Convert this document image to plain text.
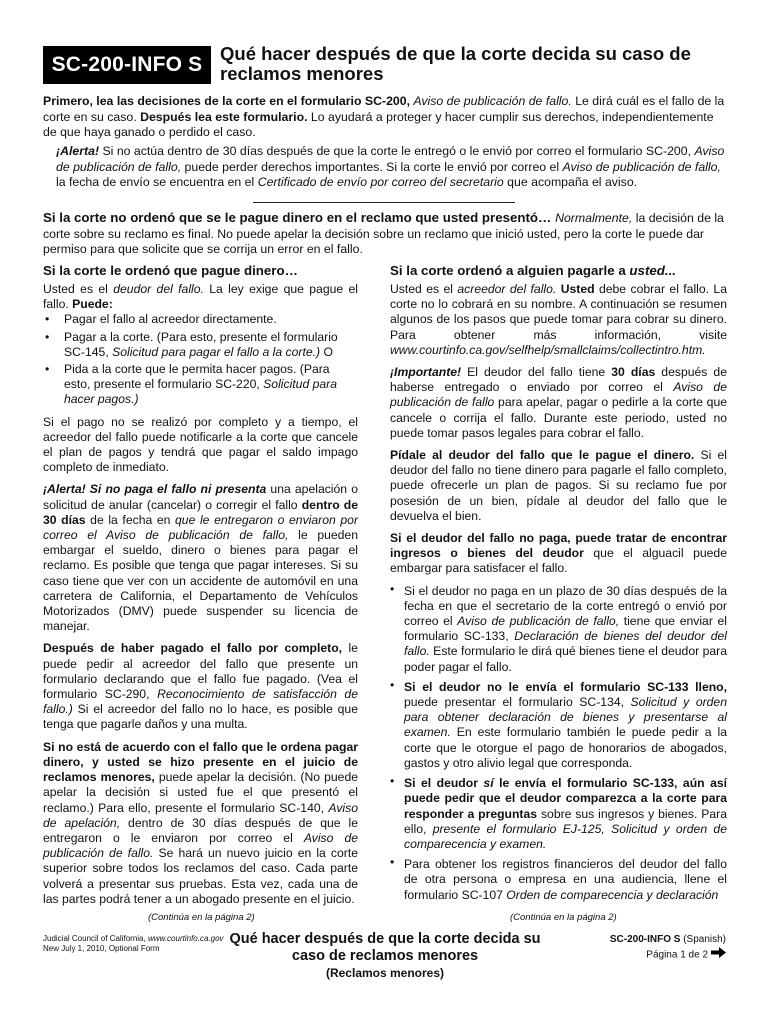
SC-200-INFO S Qué hacer después de que la corte decida su caso de reclamos menores

Primero, lea las decisiones de la corte en el formulario SC-200, Aviso de publicación de fallo. Le dirá cuál es el fallo de la corte en su caso. Después lea este formulario. Lo ayudará a proteger y hacer cumplir sus derechos, independientemente de que haya ganado o perdido el caso.

¡Alerta! Si no actúa dentro de 30 días después de que la corte le entregó o le envió por correo el formulario SC-200, Aviso de publicación de fallo, puede perder derechos importantes. Si la corte le envió por correo el Aviso de publicación de fallo, la fecha de envío se encuentra en el Certificado de envío por correo del secretario que acompaña el aviso.

Si la corte no ordenó que se le pague dinero en el reclamo que usted presentó… Normalmente, la decisión de la corte sobre su reclamo es final. No puede apelar la decisión sobre un reclamo que inició usted, pero la corte le puede dar permiso para que solicite que se corrija un error en el fallo.

Si la corte le ordenó que pague dinero…

Usted es el deudor del fallo. La ley exige que pague el fallo. Puede:

• Pagar el fallo al acreedor directamente.
• Pagar a la corte. (Para esto, presente el formulario SC-145, Solicitud para pagar el fallo a la corte.) O
• Pida a la corte que le permita hacer pagos. (Para esto, presente el formulario SC-220, Solicitud para hacer pagos.)

Si el pago no se realizó por completo y a tiempo, el acreedor del fallo puede notificarle a la corte que cancele el plan de pagos y tendrá que pagar el saldo impago completo de inmediato.

¡Alerta! Si no paga el fallo ni presenta una apelación o solicitud de anular (cancelar) o corregir el fallo dentro de 30 días de la fecha en que le entregaron o enviaron por correo el Aviso de publicación de fallo, le pueden embargar el sueldo, dinero o bienes para pagar el reclamo. Es posible que tenga que pagar intereses. Si su caso tiene que ver con un accidente de automóvil en una carretera de California, el Departamento de Vehículos Motorizados (DMV) puede suspender su licencia de manejar.

Después de haber pagado el fallo por completo, le puede pedir al acreedor del fallo que presente un formulario declarando que el fallo fue pagado. (Vea el formulario SC-290, Reconocimiento de satisfacción de fallo.) Si el acreedor del fallo no lo hace, es posible que tenga que pagarle daños y una multa.

Si no está de acuerdo con el fallo que le ordena pagar dinero, y usted se hizo presente en el juicio de reclamos menores, puede apelar la decisión. (No puede apelar la decisión si usted fue el que presentó el reclamo.) Para ello, presente el formulario SC-140, Aviso de apelación, dentro de 30 días después de que le entregaron o le enviaron por correo el Aviso de publicación de fallo. Se hará un nuevo juicio en la corte superior sobre todos los reclamos del caso. Cada parte volverá a presentar sus pruebas. Esta vez, cada una de las partes podrá tener a un abogado presente en el juicio.

Si la corte ordenó a alguien pagarle a usted...

Usted es el acreedor del fallo. Usted debe cobrar el fallo. La corte no lo cobrará en su nombre. A continuación se resumen algunos de los pasos que puede tomar para cobrar su dinero. Para obtener más información, visite www.courtinfo.ca.gov/selfhelp/smallclaims/collectintro.htm.

¡Importante! El deudor del fallo tiene 30 días después de haberse entregado o enviado por correo el Aviso de publicación de fallo para apelar, pagar o pedirle a la corte que cancele o corrija el fallo. Durante este periodo, usted no puede tomar pasos legales para cobrar el fallo.

Pídale al deudor del fallo que le pague el dinero. Si el deudor del fallo no tiene dinero para pagarle el fallo completo, puede ofrecerle un plan de pagos. Si su reclamo fue por posesión de un bien, pídale al deudor del fallo que le devuelva el bien.

Si el deudor del fallo no paga, puede tratar de encontrar ingresos o bienes del deudor que el alguacil puede embargar para satisfacer el fallo.

• Si el deudor no paga en un plazo de 30 días después de la fecha en que el secretario de la corte entregó o envió por correo el Aviso de publicación de fallo, tiene que enviar el formulario SC-133, Declaración de bienes del deudor del fallo. Este formulario le dirá qué bienes tiene el deudor para poder pagar el fallo.
• Si el deudor no le envía el formulario SC-133 lleno, puede presentar el formulario SC-134, Solicitud y orden para obtener declaración de bienes y presentarse al examen. En este formulario también le puede pedir a la corte que le otorgue el pago de honorarios de abogados, gastos y otro alivio legal que corresponda.
• Si el deudor sí le envía el formulario SC-133, aún así puede pedir que el deudor comparezca a la corte para responder a preguntas sobre sus ingresos y bienes. Para ello, presente el formulario EJ-125, Solicitud y orden de comparecencia y examen.
• Para obtener los registros financieros del deudor del fallo de otra persona o empresa en una audiencia, llene el formulario SC-107 Orden de comparecencia y declaración
(Continúa en la página 2)	(Continúa en la página 2)
Judicial Council of California, www.courtinfo.ca.gov
New July 1, 2010, Optional Form
Qué hacer después de que la corte decida su caso de reclamos menores
(Reclamos menores)
SC-200-INFO S (Spanish)
Página 1 de 2
